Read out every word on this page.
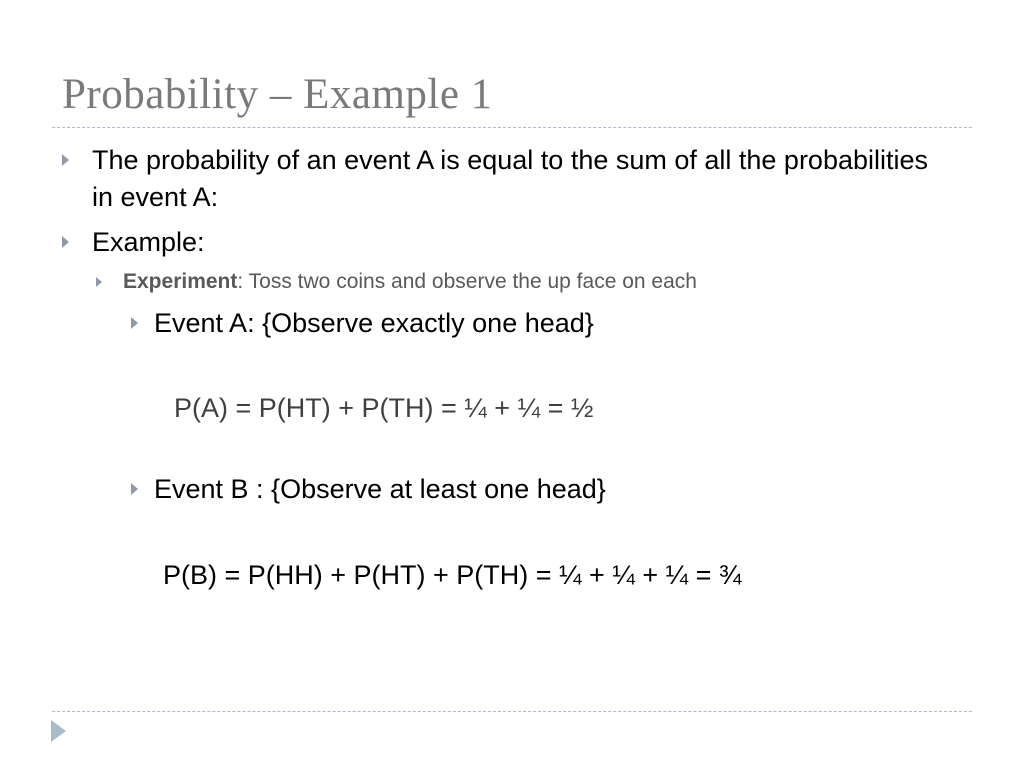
Probability – Example 1
The probability of an event A is equal to the sum of all the probabilities in event A:
Example:
Experiment: Toss two coins and observe the up face on each
Event A: {Observe exactly one head}
P(A) = P(HT) + P(TH) = ¼ + ¼ = ½
Event B : {Observe at least one head}
P(B) = P(HH) + P(HT) + P(TH) = ¼ + ¼ + ¼ = ¾
